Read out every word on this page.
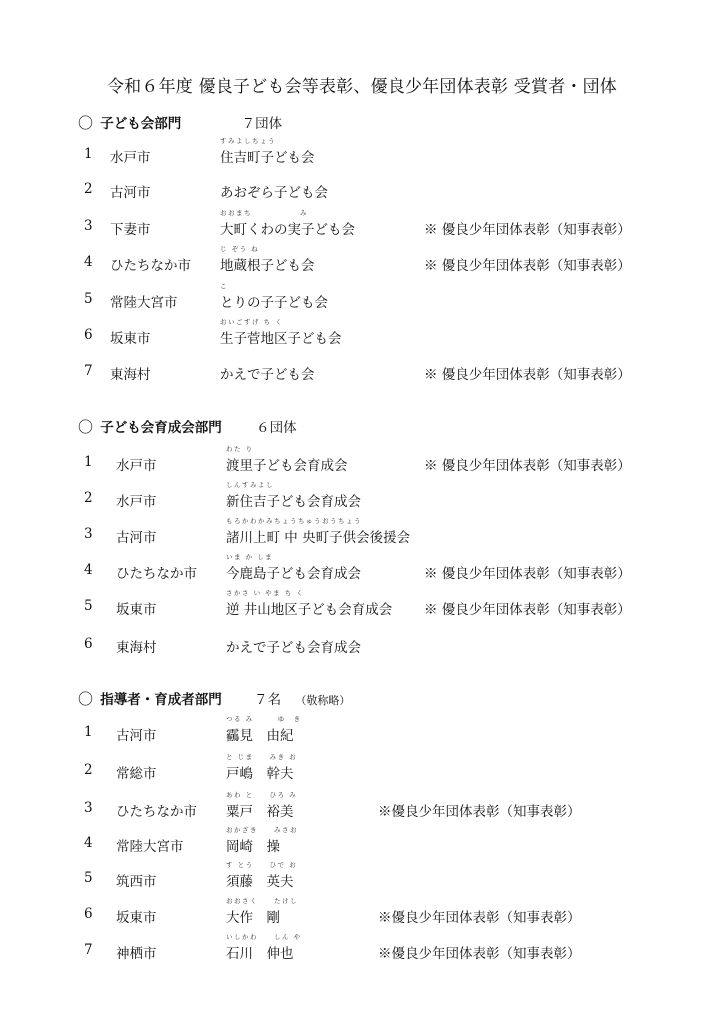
令和６年度 優良子ども会等表彰、優良少年団体表彰 受賞者・団体
〇 子ども会部門	７団体
すみよしちょう
1 水戸市	住吉町子ども会
2 古河市	あおぞら子ども会
おおまち　　　　　　み
3 下妻市	大町くわの実子ども会	※ 優良少年団体表彰（知事表彰）
じ ぞう ね
4 ひたちなか市 地蔵根子ども会	※ 優良少年団体表彰（知事表彰）
こ
5 常陸大宮市	とりの子子ども会
おいごすげ ち く
6 坂東市	生子菅地区子ども会
7 東海村	かえで子ども会	※ 優良少年団体表彰（知事表彰）
〇 子ども会育成会部門	６団体
わた り
1 水戸市	渡里子ども会育成会	※ 優良少年団体表彰（知事表彰）
しんすみよし
2 水戸市	新住吉子ども会育成会
もろかわかみちょうちゅうおうちょう
3 古河市	諸川上町 中 央町子供会後援会
いま か しま
4 ひたちなか市 今鹿島子ども会育成会	※ 優良少年団体表彰（知事表彰）
さかさ い やま ち く
5 坂東市	逆 井山地区子ども会育成会 ※ 優良少年団体表彰（知事表彰）
6 東海村	かえで子ども会育成会
〇 指導者・育成者部門 ７名 （敬称略）
つる み　　　ゆ　き
1 古河市	靏見　由紀
と じま　　みき お
2 常総市	戸嶋　幹夫
あわ と　　ひろ み
3 ひたちなか市 粟戸　裕美	※優良少年団体表彰（知事表彰）
おかざき　　みさお
4 常陸大宮市	岡崎　操
す とう　　ひで お
5 筑西市	須藤　英夫
おおさく　　たけし
6 坂東市	大作　剛	※優良少年団体表彰（知事表彰）
いしかわ　　しん や
7 神栖市	石川　伸也	※優良少年団体表彰（知事表彰）
